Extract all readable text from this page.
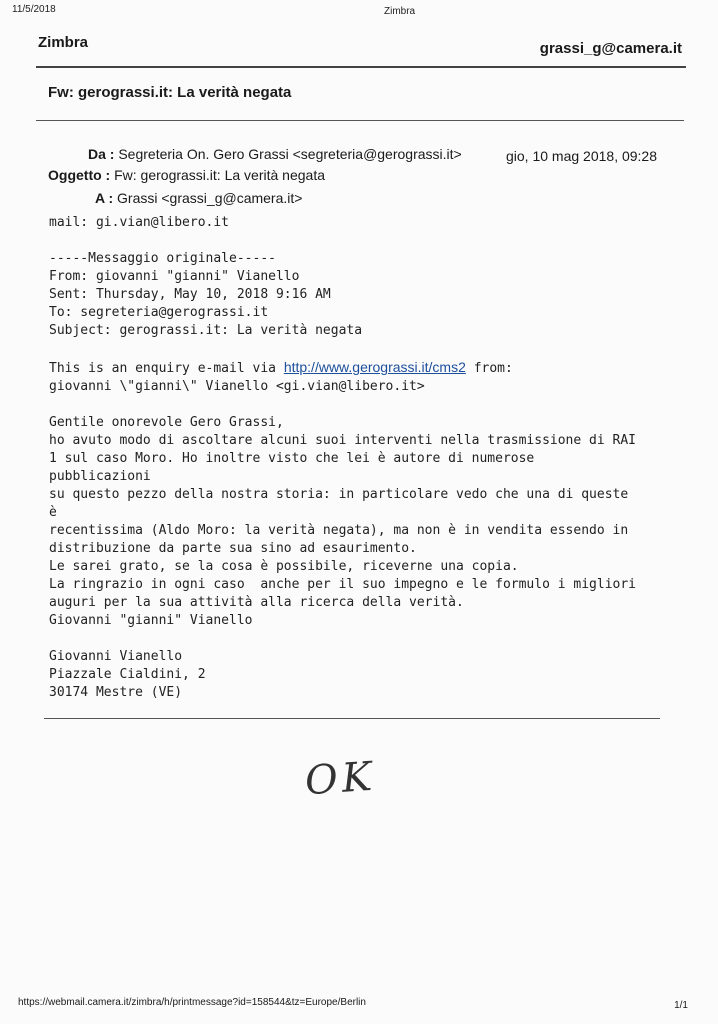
11/5/2018	Zimbra
Zimbra	grassi_g@camera.it
Fw: gerograssi.it: La verità negata
Da : Segreteria On. Gero Grassi <segreteria@gerograssi.it>	gio, 10 mag 2018, 09:28
Oggetto : Fw: gerograssi.it: La verità negata
A : Grassi <grassi_g@camera.it>
mail: gi.vian@libero.it

-----Messaggio originale-----
From: giovanni "gianni" Vianello
Sent: Thursday, May 10, 2018 9:16 AM
To: segreteria@gerograssi.it
Subject: gerograssi.it: La verità negata

This is an enquiry e-mail via http://www.gerograssi.it/cms2 from:
giovanni \"gianni\" Vianello <gi.vian@libero.it>

Gentile onorevole Gero Grassi,
ho avuto modo di ascoltare alcuni suoi interventi nella trasmissione di RAI
1 sul caso Moro. Ho inoltre visto che lei è autore di numerose
pubblicazioni
su questo pezzo della nostra storia: in particolare vedo che una di queste
è
recentissima (Aldo Moro: la verità negata), ma non è in vendita essendo in
distribuzione da parte sua sino ad esaurimento.
Le sarei grato, se la cosa è possibile, riceverne una copia.
La ringrazio in ogni caso  anche per il suo impegno e le formulo i migliori
auguri per la sua attività alla ricerca della verità.
Giovanni "gianni" Vianello

Giovanni Vianello
Piazzale Cialdini, 2
30174 Mestre (VE)
OK
https://webmail.camera.it/zimbra/h/printmessage?id=158544&tz=Europe/Berlin	1/1
